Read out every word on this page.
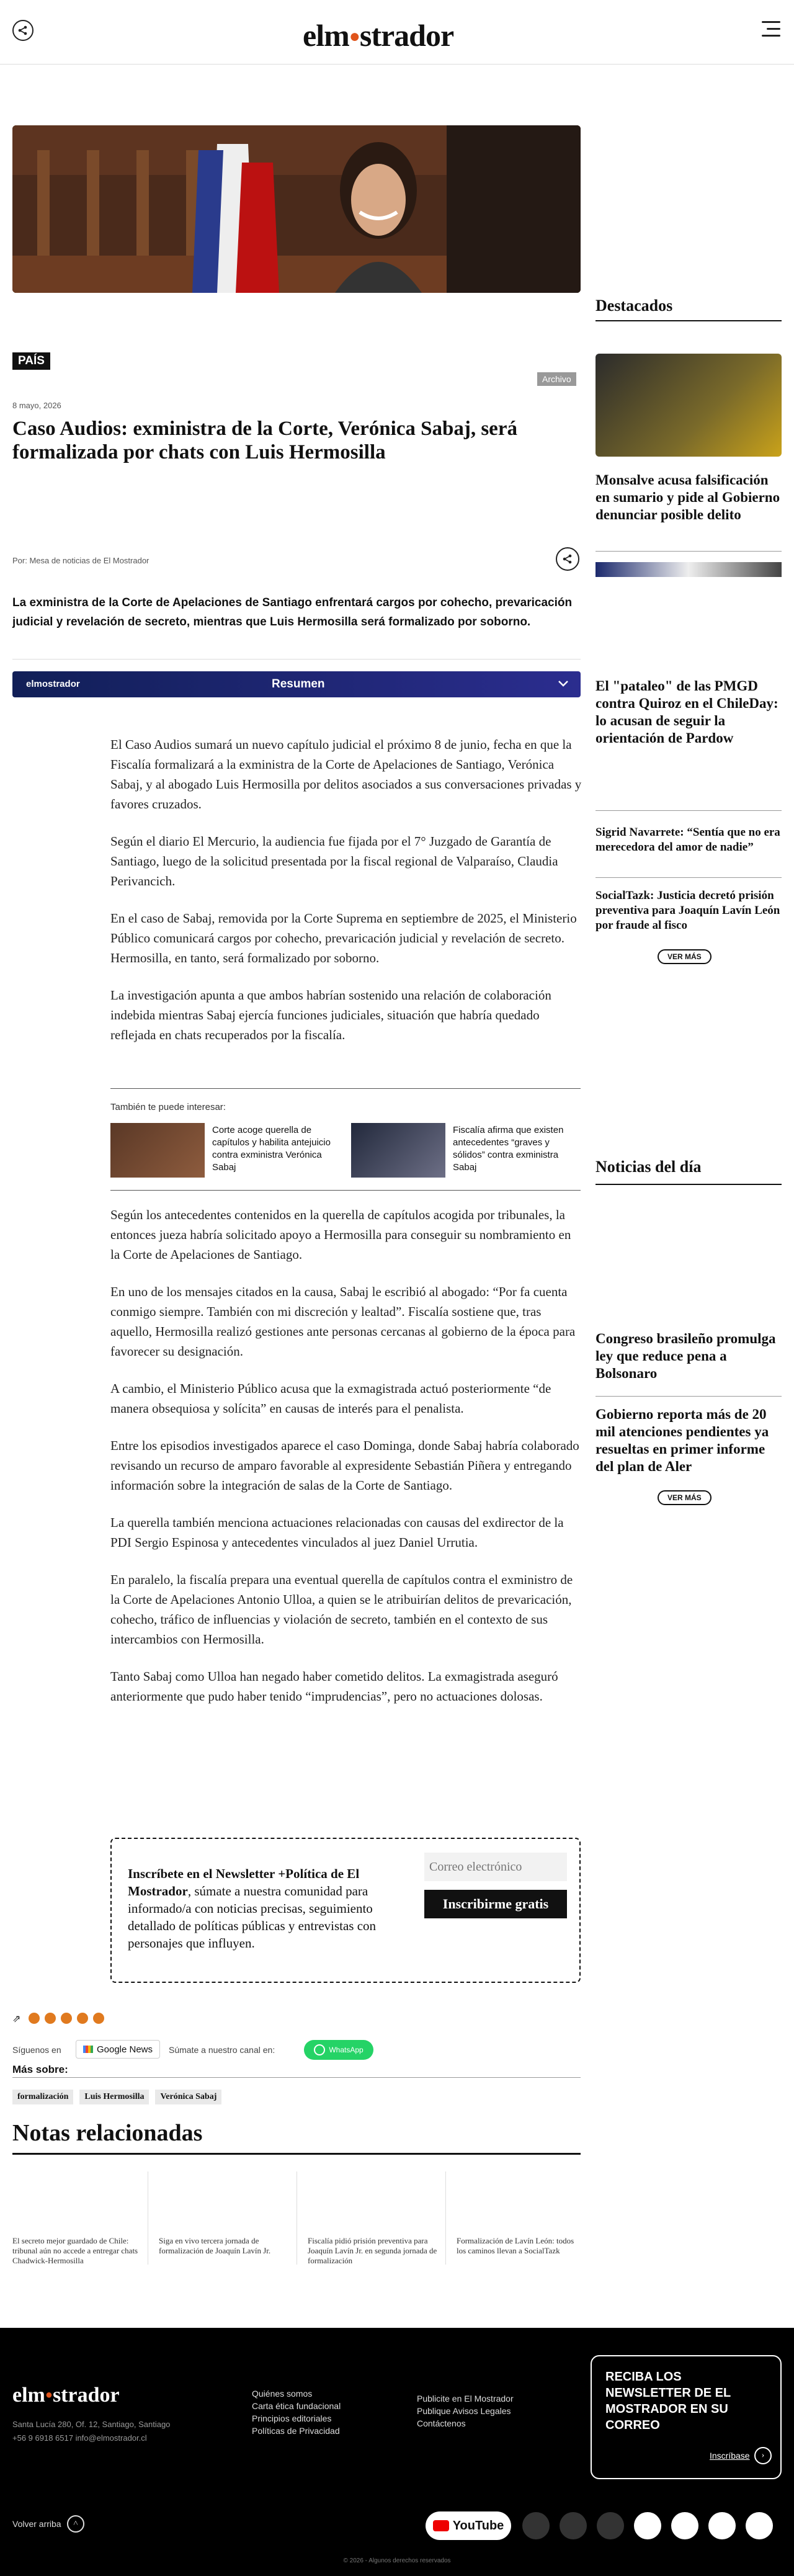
elm●strador
PAÍS
Archivo
8 mayo, 2026
Caso Audios: exministra de la Corte, Verónica Sabaj, será formalizada por chats con Luis Hermosilla
Por: Mesa de noticias de El Mostrador
La exministra de la Corte de Apelaciones de Santiago enfrentará cargos por cohecho, prevaricación judicial y revelación de secreto, mientras que Luis Hermosilla será formalizado por soborno.
elmostrador	Resumen

El Caso Audios sumará un nuevo capítulo judicial el próximo 8 de junio, fecha en que la Fiscalía formalizará a la exministra de la Corte de Apelaciones de Santiago, Verónica Sabaj, y al abogado Luis Hermosilla por delitos asociados a sus conversaciones privadas y favores cruzados.

Según el diario El Mercurio, la audiencia fue fijada por el 7° Juzgado de Garantía de Santiago, luego de la solicitud presentada por la fiscal regional de Valparaíso, Claudia Perivancich.

En el caso de Sabaj, removida por la Corte Suprema en septiembre de 2025, el Ministerio Público comunicará cargos por cohecho, prevaricación judicial y revelación de secreto. Hermosilla, en tanto, será formalizado por soborno.

La investigación apunta a que ambos habrían sostenido una relación de colaboración indebida mientras Sabaj ejercía funciones judiciales, situación que habría quedado reflejada en chats recuperados por la fiscalía.

También te puede interesar:
Corte acoge querella de capítulos y habilita antejuicio contra exministra Verónica Sabaj
Fiscalía afirma que existen antecedentes “graves y sólidos” contra exministra Sabaj

Según los antecedentes contenidos en la querella de capítulos acogida por tribunales, la entonces jueza habría solicitado apoyo a Hermosilla para conseguir su nombramiento en la Corte de Apelaciones de Santiago.

En uno de los mensajes citados en la causa, Sabaj le escribió al abogado: “Por fa cuenta conmigo siempre. También con mi discreción y lealtad”. Fiscalía sostiene que, tras aquello, Hermosilla realizó gestiones ante personas cercanas al gobierno de la época para favorecer su designación.

A cambio, el Ministerio Público acusa que la exmagistrada actuó posteriormente “de manera obsequiosa y solícita” en causas de interés para el penalista.

Entre los episodios investigados aparece el caso Dominga, donde Sabaj habría colaborado revisando un recurso de amparo favorable al expresidente Sebastián Piñera y entregando información sobre la integración de salas de la Corte de Santiago.

La querella también menciona actuaciones relacionadas con causas del exdirector de la PDI Sergio Espinosa y antecedentes vinculados al juez Daniel Urrutia.

En paralelo, la fiscalía prepara una eventual querella de capítulos contra el exministro de la Corte de Apelaciones Antonio Ulloa, a quien se le atribuirían delitos de prevaricación, cohecho, tráfico de influencias y violación de secreto, también en el contexto de sus intercambios con Hermosilla.

Tanto Sabaj como Ulloa han negado haber cometido delitos. La exmagistrada aseguró anteriormente que pudo haber tenido “imprudencias”, pero no actuaciones dolosas.

Inscríbete en el Newsletter +Política de El Mostrador, súmate a nuestra comunidad para informado/a con noticias precisas, seguimiento detallado de políticas públicas y entrevistas con personajes que influyen.
Correo electrónico
Inscribirme gratis
⇗
Síguenos en	Google News Súmate a nuestro canal en:	WhatsApp
Más sobre:
formalización Luis Hermosilla Verónica Sabaj
Notas relacionadas
El secreto mejor guardado de Chile: tribunal aún no accede a entregar chats Chadwick-Hermosilla
Siga en vivo tercera jornada de formalización de Joaquín Lavín Jr.
Fiscalía pidió prisión preventiva para Joaquín Lavín Jr. en segunda jornada de formalización
Formalización de Lavín León: todos los caminos llevan a SocialTazk
Destacados
Monsalve acusa falsificación en sumario y pide al Gobierno denunciar posible delito
El "pataleo" de las PMGD contra Quiroz en el ChileDay: lo acusan de seguir la orientación de Pardow
Sigrid Navarrete: “Sentía que no era merecedora del amor de nadie”
SocialTazk: Justicia decretó prisión preventiva para Joaquín Lavín León por fraude al fisco
VER MÁS
Noticias del día
Congreso brasileño promulga ley que reduce pena a Bolsonaro
Gobierno reporta más de 20 mil atenciones pendientes ya resueltas en primer informe del plan de Aler
VER MÁS
elm●strador
Santa Lucía 280, Of. 12, Santiago, Santiago
+56 9 6918 6517 info@elmostrador.cl
Quiénes somos
Carta ética fundacional
Principios editoriales
Políticas de Privacidad
Publicite en El Mostrador
Publique Avisos Legales
Contáctenos
RECIBA LOS NEWSLETTER DE EL MOSTRADOR EN SU CORREO
Inscríbase	›
Volver arriba	˄	YouTube
© 2026 - Algunos derechos reservados
